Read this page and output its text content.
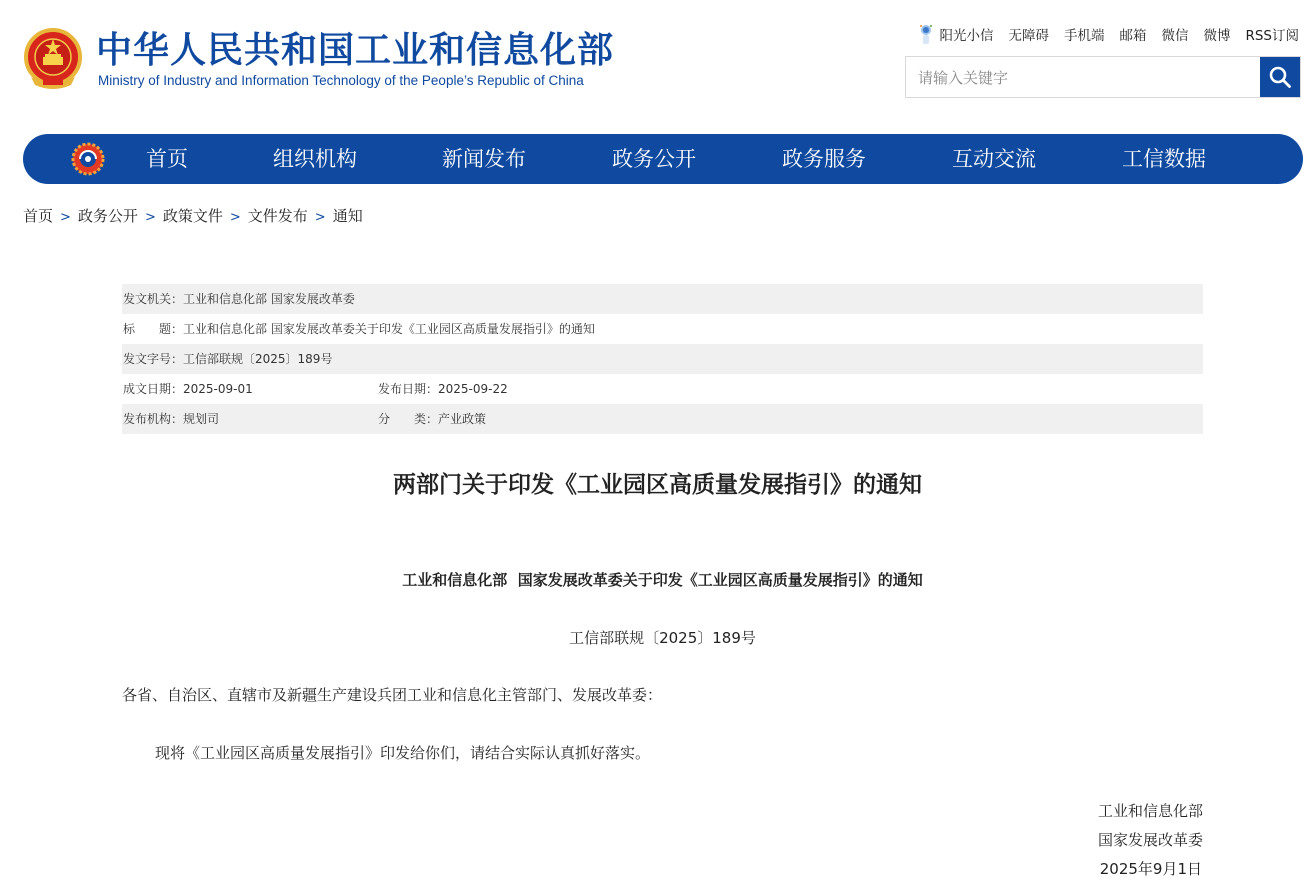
中华人民共和国工业和信息化部
Ministry of Industry and Information Technology of the People’s Republic of China
阳光小信 无障碍 手机端 邮箱 微信 微博 RSS订阅
请输入关键字
首页	组织机构	新闻发布	政务公开	政务服务	互动交流	工信数据
首页 > 政务公开 > 政策文件 > 文件发布 > 通知
发文机关：工业和信息化部 国家发展改革委
标　　题：工业和信息化部 国家发展改革委关于印发《工业园区高质量发展指引》的通知
发文字号：工信部联规〔2025〕189号
成文日期：2025-09-01	发布日期：2025-09-22
发布机构：规划司	分　　类：产业政策
两部门关于印发《工业园区高质量发展指引》的通知
工业和信息化部  国家发展改革委关于印发《工业园区高质量发展指引》的通知
工信部联规〔2025〕189号
各省、自治区、直辖市及新疆生产建设兵团工业和信息化主管部门、发展改革委：
现将《工业园区高质量发展指引》印发给你们，请结合实际认真抓好落实。
工业和信息化部
国家发展改革委
2025年9月1日
